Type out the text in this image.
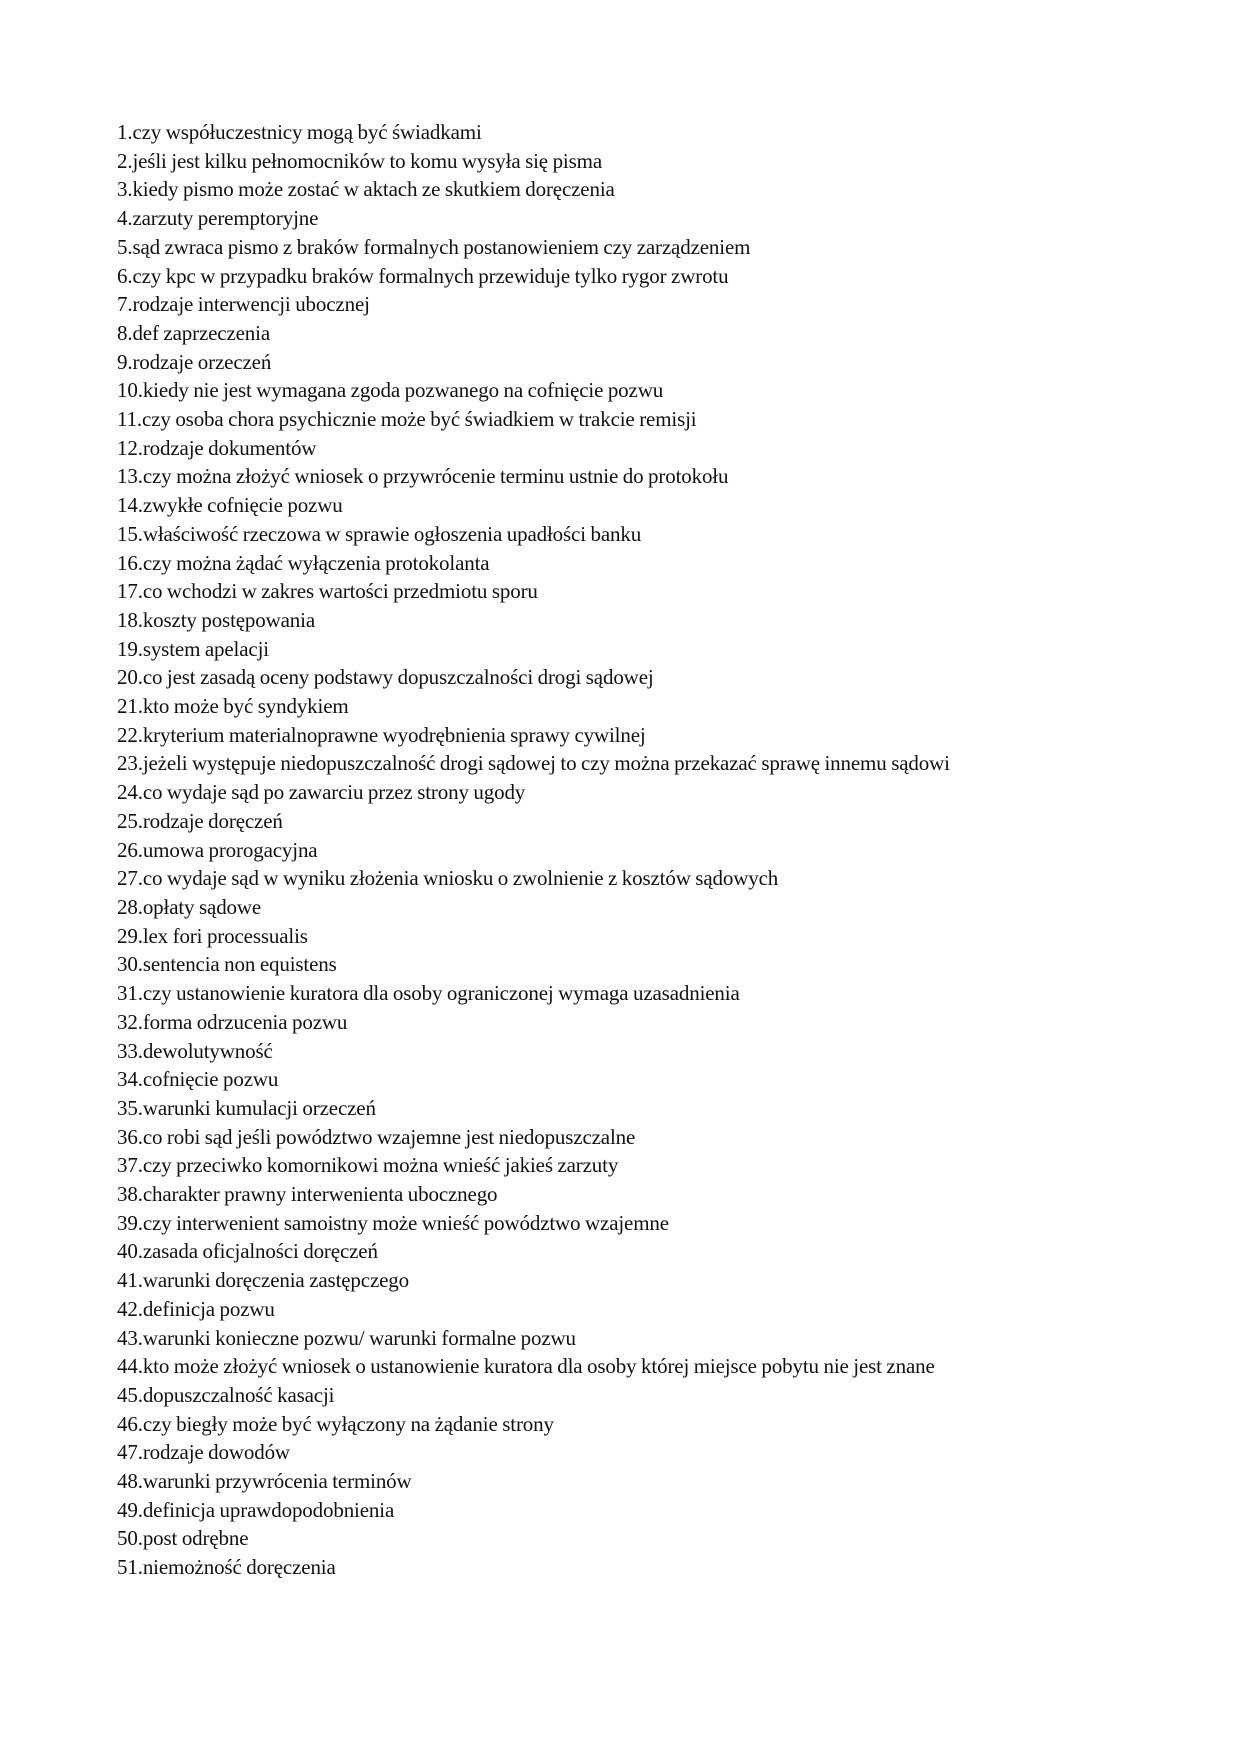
1.czy współuczestnicy mogą być świadkami
2.jeśli jest kilku pełnomocników to komu wysyła się pisma
3.kiedy pismo może zostać w aktach ze skutkiem doręczenia
4.zarzuty peremptoryjne
5.sąd zwraca pismo z braków formalnych postanowieniem czy zarządzeniem
6.czy kpc w przypadku braków formalnych przewiduje tylko rygor zwrotu
7.rodzaje interwencji ubocznej
8.def zaprzeczenia
9.rodzaje orzeczeń
10.kiedy nie jest wymagana zgoda pozwanego na cofnięcie pozwu
11.czy osoba chora psychicznie może być świadkiem w trakcie remisji
12.rodzaje dokumentów
13.czy można złożyć wniosek o przywrócenie terminu ustnie do protokołu
14.zwykłe cofnięcie pozwu
15.właściwość rzeczowa w sprawie ogłoszenia upadłości banku
16.czy można żądać wyłączenia protokolanta
17.co wchodzi w zakres wartości przedmiotu sporu
18.koszty postępowania
19.system apelacji
20.co jest zasadą oceny podstawy dopuszczalności drogi sądowej
21.kto może być syndykiem
22.kryterium materialnoprawne wyodrębnienia sprawy cywilnej
23.jeżeli występuje niedopuszczalność drogi sądowej to czy można przekazać sprawę innemu sądowi
24.co wydaje sąd po zawarciu przez strony ugody
25.rodzaje doręczeń
26.umowa prorogacyjna
27.co wydaje sąd w wyniku złożenia wniosku o zwolnienie z kosztów sądowych
28.opłaty sądowe
29.lex fori processualis
30.sentencia non equistens
31.czy ustanowienie kuratora dla osoby ograniczonej wymaga uzasadnienia
32.forma odrzucenia pozwu
33.dewolutywność
34.cofnięcie pozwu
35.warunki kumulacji orzeczeń
36.co robi sąd jeśli powództwo wzajemne jest niedopuszczalne
37.czy przeciwko komornikowi można wnieść jakieś zarzuty
38.charakter prawny interwenienta ubocznego
39.czy interwenient samoistny może wnieść powództwo wzajemne
40.zasada oficjalności doręczeń
41.warunki doręczenia zastępczego
42.definicja pozwu
43.warunki konieczne pozwu/ warunki formalne pozwu
44.kto może złożyć wniosek o ustanowienie kuratora dla osoby której miejsce pobytu nie jest znane
45.dopuszczalność kasacji
46.czy biegły może być wyłączony na żądanie strony
47.rodzaje dowodów
48.warunki przywrócenia terminów
49.definicja uprawdopodobnienia
50.post odrębne
51.niemożność doręczenia
